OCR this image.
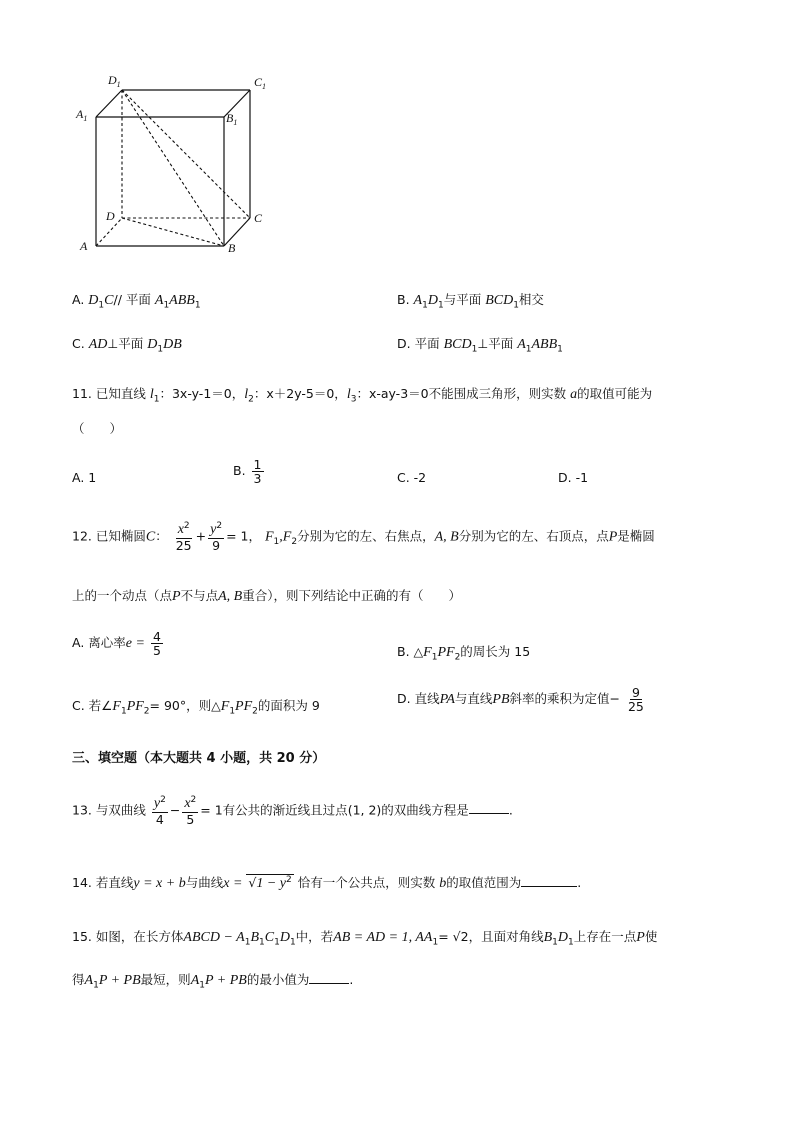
$D_1$	$C_1$
$A_1$	$B_1$
D	C
A	B
A. $D_1C//$ 平面 $A_1ABB_1$	B. $A_1D_1$与平面 $BCD_1$相交
C. AD⊥平面 $D_1DB$	D. 平面 $BCD_1\perp$平面 $A_1ABB_1$
11. 已知直线 $l_1$：3x-y-1＝0，$l_2$：x＋2y-5＝0，$l_3$：x-ay-3＝0不能围成三角形，则实数 a的取值可能为
（　　）
A. 1	B. $\frac{1}{3}$	C. -2	D. -1
12. 已知椭圆C： $\frac{x^2}{25} + \frac{y^2}{9} = 1$， $F_1,F_2$分别为它的左、右焦点，A, B分别为它的左、右顶点，点P是椭圆
上的一个动点（点P不与点A, B重合），则下列结论中正确的有（　　）
A. 离心率$e = \frac{4}{5}$	B. $\triangle F_1PF_2$的周长为 15
C. 若$\angle F_1PF_2= 90^\circ$，则$\triangle F_1PF_2$的面积为 9	D. 直线PA与直线PB斜率的乘积为定值− $\frac{9}{25}$
三、填空题（本大题共 4 小题，共 20 分）
13. 与双曲线 $\frac{y^2}{4} - \frac{x^2}{5} = 1$有公共的渐近线且过点(1, 2)的双曲线方程是	.
14. 若直线y = x + b与曲线$x = √1 - y^2$ 恰有一个公共点，则实数 b的取值范围为	.
15. 如图，在长方体ABCD − $A_1B_1C_1D_1$中，若AB = AD = 1, $AA_1= √2$，且面对角线$B_1D_1$上存在一点P使
得$A_1P$ + PB最短，则$A_1P$ + PB的最小值为	.
